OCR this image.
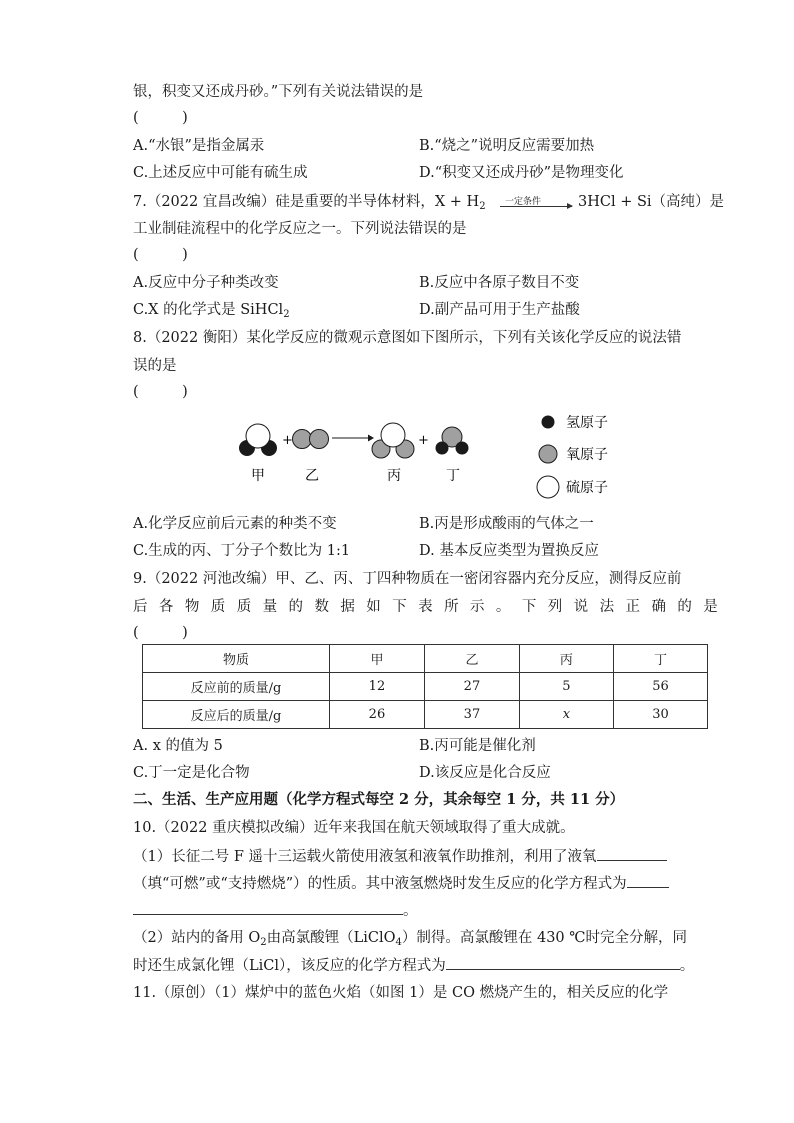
银，积变又还成丹砂。”下列有关说法错误的是
(　　　)
A.“水银”是指金属汞	B.“烧之”说明反应需要加热
C.上述反应中可能有硫生成	D.“积变又还成丹砂”是物理变化
7.（2022 宜昌改编）硅是重要的半导体材料，$X + H_2$ 一定条件	3HCl + Si（高纯）是
工业制硅流程中的化学反应之一。下列说法错误的是
(　　　)
A.反应中分子种类改变	B.反应中各原子数目不变
C.X 的化学式是 SiHCl$_2$	D.副产品可用于生产盐酸
8.（2022 衡阳）某化学反应的微观示意图如下图所示，下列有关该化学反应的说法错
误的是
(　　　)
+	+
甲	乙	丙	丁
氢原子
氧原子
硫原子
A.化学反应前后元素的种类不变	B.丙是形成酸雨的气体之一
C.生成的丙、丁分子个数比为 1:1	D. 基本反应类型为置换反应
9.（2022 河池改编）甲、乙、丙、丁四种物质在一密闭容器内充分反应，测得反应前
后 各 物 质 质 量 的 数 据 如 下 表 所 示 。 下 列 说 法 正 确 的 是
(　　　)
物质	甲	乙	丙	丁
反应前的质量/g	12	27	5	56
反应后的质量/g	26	37	x	30
A. x 的值为 5	B.丙可能是催化剂
C.丁一定是化合物	D.该反应是化合反应
二、生活、生产应用题（化学方程式每空 2 分，其余每空 1 分，共 11 分）
10.（2022 重庆模拟改编）近年来我国在航天领域取得了重大成就。
（1）长征二号 F 遥十三运载火箭使用液氢和液氧作助推剂，利用了液氧
（填“可燃”或“支持燃烧”）的性质。其中液氢燃烧时发生反应的化学方程式为
。
（2）站内的备用 $O_2$由高氯酸锂（LiClO$_4$）制得。高氯酸锂在 430 ℃时完全分解，同
时还生成氯化锂（LiCl），该反应的化学方程式为	。
11.（原创）（1）煤炉中的蓝色火焰（如图 1）是 CO 燃烧产生的，相关反应的化学
